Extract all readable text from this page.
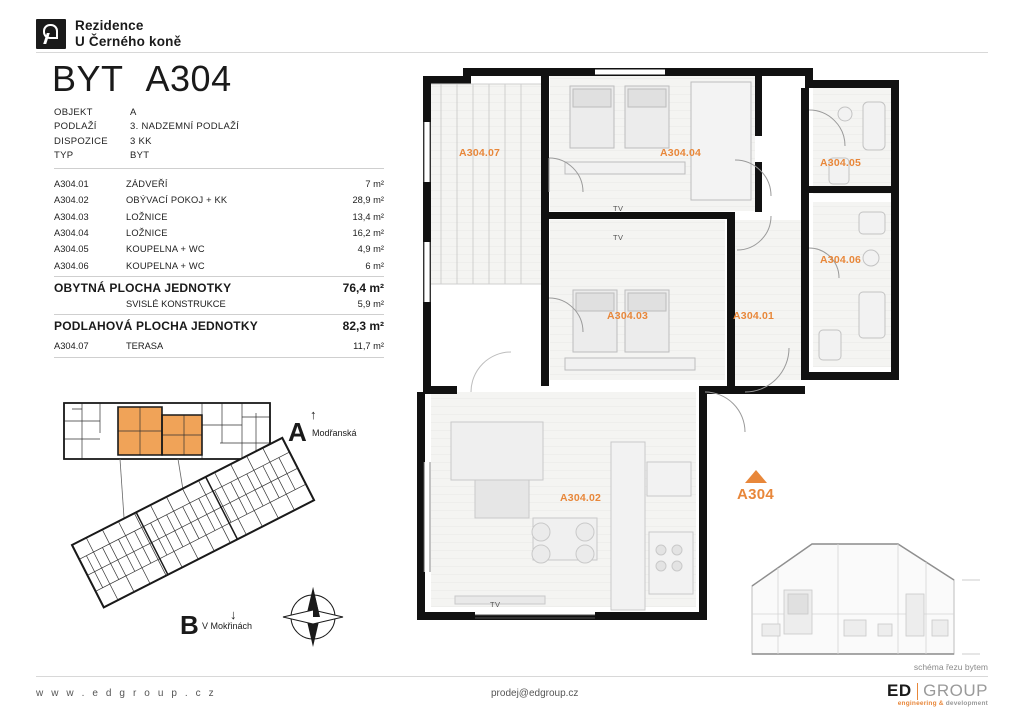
Rezidence
U Černého koně
BYT A304
OBJEKT	A
PODLAŽÍ	3. NADZEMNÍ PODLAŽÍ
DISPOZICE	3 KK
TYP	BYT
A304.01	ZÁDVEŘÍ	7 m²
A304.02	OBÝVACÍ POKOJ + KK	28,9 m²
A304.03	LOŽNICE	13,4 m²
A304.04	LOŽNICE	16,2 m²
A304.05	KOUPELNA + WC	4,9 m²
A304.06	KOUPELNA + WC	6 m²
OBYTNÁ PLOCHA JEDNOTKY	76,4 m²
SVISLÉ KONSTRUKCE	5,9 m²
PODLAHOVÁ PLOCHA JEDNOTKY	82,3 m²
A304.07	TERASA	11,7 m²
A
↑
Modřanská
B ↓
V Mokřinách
A304.07	A304.04
A304.05
A304.06
A304.03	A304.01
A304.02
TV
TV
TV
A304
schéma řezu bytem
w w w . e d g r o u p . c z	prodej@edgroup.cz	ED GROUP
engineering & development
